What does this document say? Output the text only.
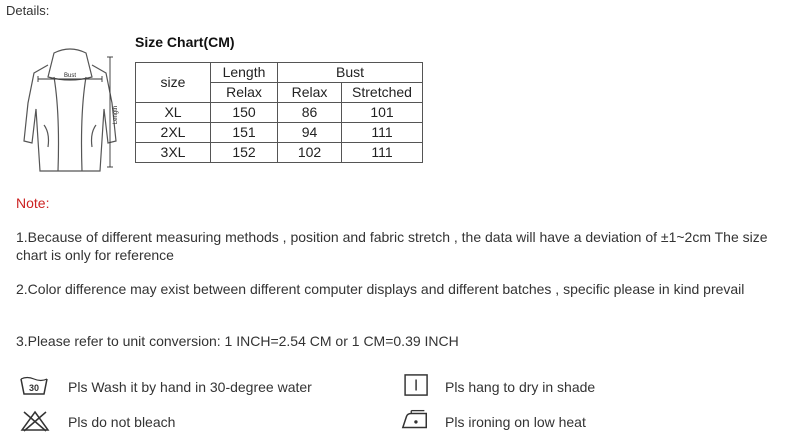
Details:
Bust
Length
Size Chart(CM)
size	Length	Bust	
	Relax	Relax	Stretched
XL	150	86	101
2XL	151	94	111
3XL	152	102	111
Note:
1.Because of different measuring methods , position and fabric stretch , the data will have a deviation of ±1~2cm The size chart is only for reference
2.Color difference may exist between different computer displays and different batches , specific please in kind prevail
3.Please refer to unit conversion: 1 INCH=2.54 CM or 1 CM=0.39 INCH
30 Pls Wash it by hand in 30-degree water	Pls hang to dry in shade
Pls do not bleach	Pls ironing on low heat
